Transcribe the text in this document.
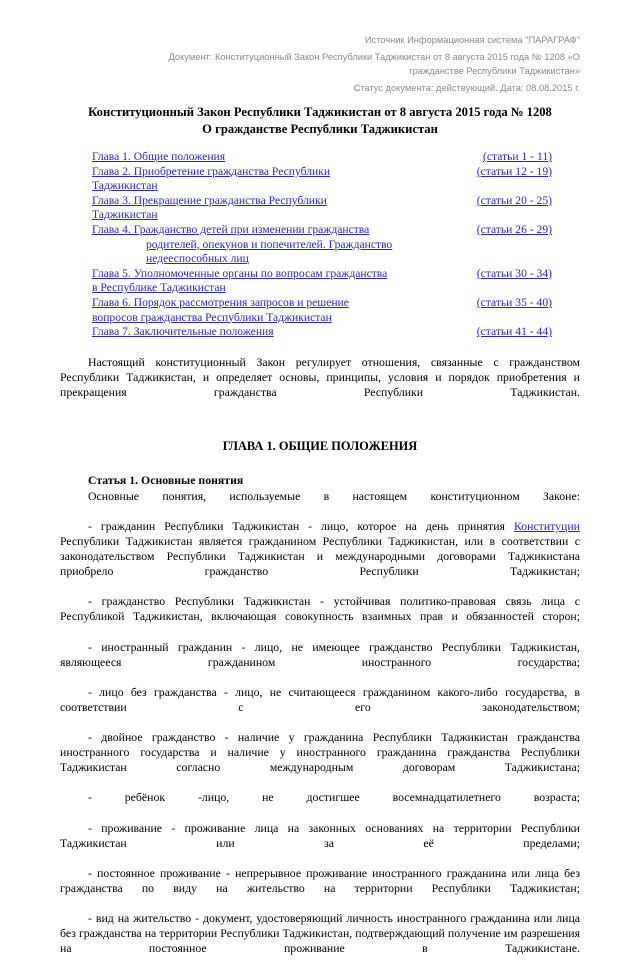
Источник Информационная система "ПАРАГРАФ"
Документ: Конституционный Закон Республики Таджикистан от 8 августа 2015 года № 1208 «О
гражданстве Республики Таджикистан»
Статус документа: действующий. Дата: 08.08.2015 г.
Конституционный Закон Республики Таджикистан от 8 августа 2015 года № 1208
О гражданстве Республики Таджикистан
Глава 1. Общие положения	(статьи 1 - 11)
Глава 2. Приобретение гражданства Республики
Таджикистан
(статьи 12 - 19)
Глава 3. Прекращение гражданства Республики
Таджикистан
(статьи 20 - 25)
Глава 4. Гражданство детей при изменении гражданства
родителей, опекунов и попечителей. Гражданство
недееспособных лиц
(статьи 26 - 29)
Глава 5. Уполномоченные органы по вопросам гражданства
в Республике Таджикистан
(статьи 30 - 34)
Глава 6. Порядок рассмотрения запросов и решение
вопросов гражданства Республики Таджикистан
(статьи 35 - 40)
Глава 7. Заключительные положения	(статьи 41 - 44)

Настоящий конституционный Закон регулирует отношения, связанные с гражданством Республики Таджикистан, и определяет основы, принципы, условия и порядок приобретения и прекращения гражданства Республики Таджикистан.

ГЛАВА 1. ОБЩИЕ ПОЛОЖЕНИЯ

Статья 1. Основные понятия

Основные понятия, используемые в настоящем конституционном Законе:

- гражданин Республики Таджикистан - лицо, которое на день принятия Конституции Республики Таджикистан является гражданином Республики Таджикистан, или в соответствии с законодательством Республики Таджикистан и международными договорами Таджикистана приобрело гражданство Республики Таджикистан;

- гражданство Республики Таджикистан - устойчивая политико-правовая связь лица с Республикой Таджикистан, включающая совокупность взаимных прав и обязанностей сторон;

- иностранный гражданин - лицо, не имеющее гражданство Республики Таджикистан, являющееся гражданином иностранного государства;

- лицо без гражданства - лицо, не считающееся гражданином какого-либо государства, в соответствии с его законодательством;

- двойное гражданство - наличие у гражданина Республики Таджикистан гражданства иностранного государства и наличие у иностранного гражданина гражданства Республики Таджикистан согласно международным договорам Таджикистана;

- ребёнок -лицо, не достигшее восемнадцатилетнего возраста;

- проживание - проживание лица на законных основаниях на территории Республики Таджикистан или за её пределами;

- постоянное проживание - непрерывное проживание иностранного гражданина или лица без гражданства по виду на жительство на территории Республики Таджикистан;

- вид на жительство - документ, удостоверяющий личность иностранного гражданина или лица без гражданства на территории Республики Таджикистан, подтверждающий получение им разрешения на постоянное проживание в Таджикистане.
